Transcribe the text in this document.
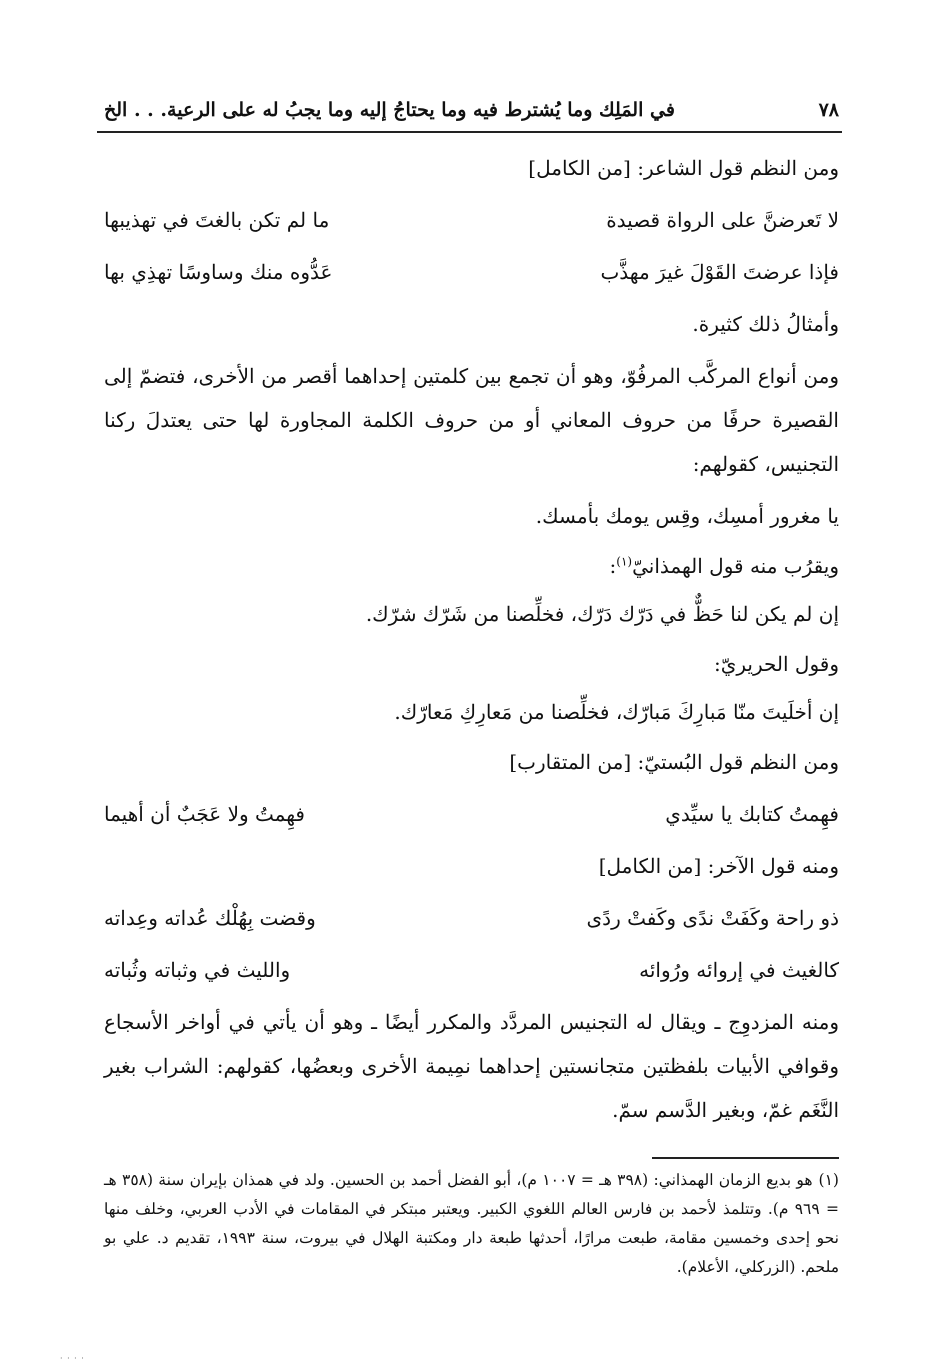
٧٨
في المَلِك وما يُشترط فيه وما يحتاجُ إليه وما يجبُ له على الرعية. . . الخ

ومن النظم قول الشاعر: [من الكامل]

لا تَعرضنَّ على الرواة قصيدة
ما لم تكن بالغتَ في تهذيبها
فإذا عرضتَ القَوْلَ غيرَ مهذَّب
عَدُّوه منك وساوسًا تهذِي بها

وأمثالُ ذلك كثيرة.

ومن أنواع المركَّب المرفُوّ، وهو أن تجمع بين كلمتين إحداهما أقصر من الأخرى، فتضمّ إلى القصيرة حرفًا من حروف المعاني أو من حروف الكلمة المجاورة لها حتى يعتدلَ ركنا التجنيس، كقولهم:

يا مغرور أمسِك، وقِس يومك بأمسك.

ويقرُب منه قول الهمذانيّ$^{(١)}$:

إن لم يكن لنا حَظٌّ في دَرّك دَرّك، فخلِّصنا من شَرّك شرّك.

وقول الحريريّ:

إن أخلَيتَ منّا مَبارِكَ مَبارّك، فخلِّصنا من مَعارِكِ مَعارّك.

ومن النظم قول البُستيّ: [من المتقارب]

فهِمتُ كتابك يا سيِّدي
فهِمتُ ولا عَجَبٌ أن أهيما

ومنه قول الآخر: [من الكامل]

ذو راحة وكَفَتْ ندًى وكَفتْ ردًى
وقضت بِهُلْك عُداته وعِداته
كالغيث في إروائه ورُوائه
والليث في وثباته وثُباته

ومنه المزدوِج ـ ويقال له التجنيس المردَّد والمكرر أيضًا ـ وهو أن يأتي في أواخر الأسجاع وقوافي الأبيات بلفظتين متجانستين إحداهما نمِيمة الأخرى وبعضُها، كقولهم: الشراب بغير النَّغَم غمّ، وبغير الدَّسم سمّ.

(١)هو بديع الزمان الهمذاني: (٣٩٨ هـ = ١٠٠٧ م)، أبو الفضل أحمد بن الحسين. ولد في همذان بإيران سنة (٣٥٨ هـ = ٩٦٩ م). وتتلمذ لأحمد بن فارس العالم اللغوي الكبير. ويعتبر مبتكر في المقامات في الأدب العربي، وخلف منها نحو إحدى وخمسين مقامة، طبعت مرارًا، أحدثها طبعة دار ومكتبة الهلال في بيروت، سنة ١٩٩٣، تقديم د. علي بو ملحم. (الزركلي، الأعلام).

· · · ·
